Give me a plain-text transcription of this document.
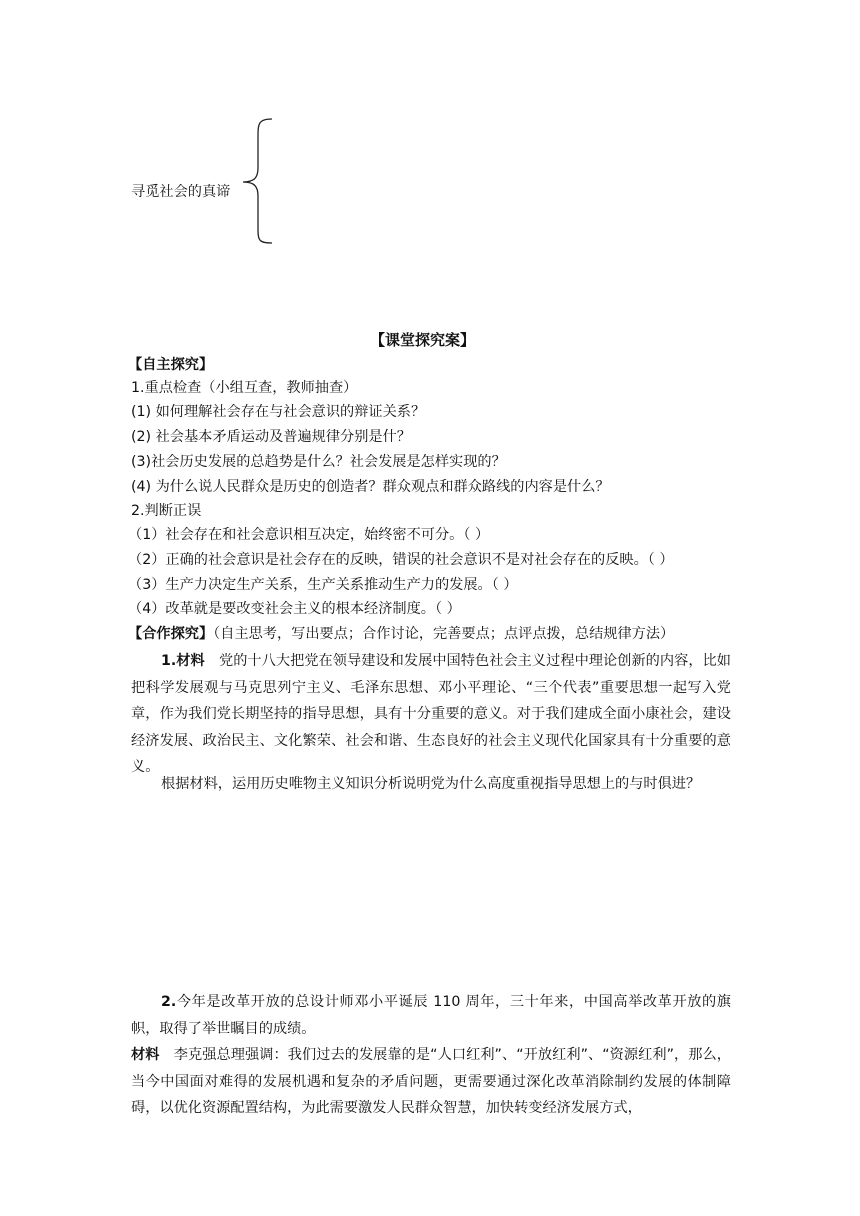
寻觅社会的真谛
【课堂探究案】
【自主探究】
1.重点检查（小组互查，教师抽查）
(1) 如何理解社会存在与社会意识的辩证关系？
(2) 社会基本矛盾运动及普遍规律分别是什？
(3)社会历史发展的总趋势是什么？社会发展是怎样实现的？
(4) 为什么说人民群众是历史的创造者？群众观点和群众路线的内容是什么？
2.判断正误
（1）社会存在和社会意识相互决定，始终密不可分。（ ）
（2）正确的社会意识是社会存在的反映，错误的社会意识不是对社会存在的反映。（ ）
（3）生产力决定生产关系，生产关系推动生产力的发展。（ ）
（4）改革就是要改变社会主义的根本经济制度。（ ）
【合作探究】（自主思考，写出要点；合作讨论，完善要点；点评点拨，总结规律方法）
1.材料　党的十八大把党在领导建设和发展中国特色社会主义过程中理论创新的内容，比如把科学发展观与马克思列宁主义、毛泽东思想、邓小平理论、“三个代表”重要思想一起写入党章，作为我们党长期坚持的指导思想，具有十分重要的意义。对于我们建成全面小康社会，建设经济发展、政治民主、文化繁荣、社会和谐、生态良好的社会主义现代化国家具有十分重要的意义。
根据材料，运用历史唯物主义知识分析说明党为什么高度重视指导思想上的与时俱进？
2.今年是改革开放的总设计师邓小平诞辰 110 周年，三十年来，中国高举改革开放的旗帜，取得了举世瞩目的成绩。
材料　李克强总理强调：我们过去的发展靠的是“人口红利”、“开放红利”、“资源红利”，那么，当今中国面对难得的发展机遇和复杂的矛盾问题，更需要通过深化改革消除制约发展的体制障碍，以优化资源配置结构，为此需要激发人民群众智慧，加快转变经济发展方式，
